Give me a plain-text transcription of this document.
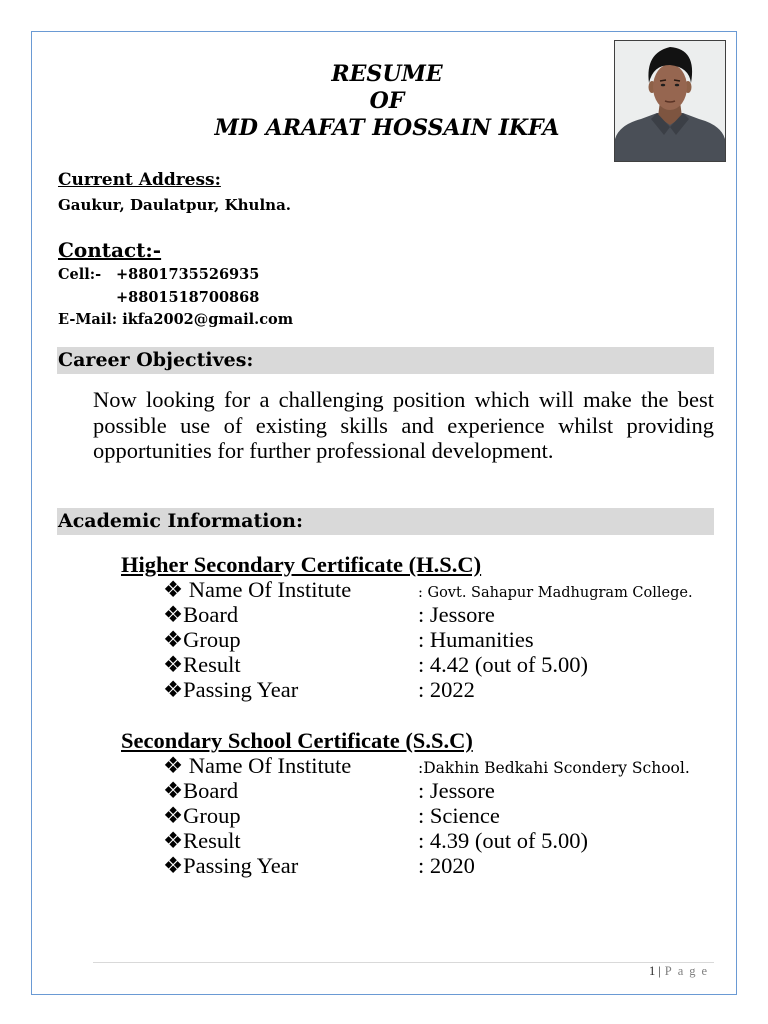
RESUME
OF
MD ARAFAT HOSSAIN IKFA
Current Address:
Gaukur, Daulatpur, Khulna.
Contact:-
Cell:-	+8801735526935
+8801518700868
E-Mail: ikfa2002@gmail.com
Career Objectives:

Now looking for a challenging position which will make the best possible use of existing skills and experience whilst providing opportunities for further professional development.

Academic Information:
Higher Secondary Certificate (H.S.C)
❖ Name Of Institute	: Govt. Sahapur Madhugram College.
❖Board	: Jessore
❖Group	: Humanities
❖Result	: 4.42 (out of 5.00)
❖Passing Year	: 2022
Secondary School Certificate (S.S.C)
❖ Name Of Institute	:Dakhin Bedkahi Scondery School.
❖Board	: Jessore
❖Group	: Science
❖Result	: 4.39 (out of 5.00)
❖Passing Year	: 2020
1 | Page
